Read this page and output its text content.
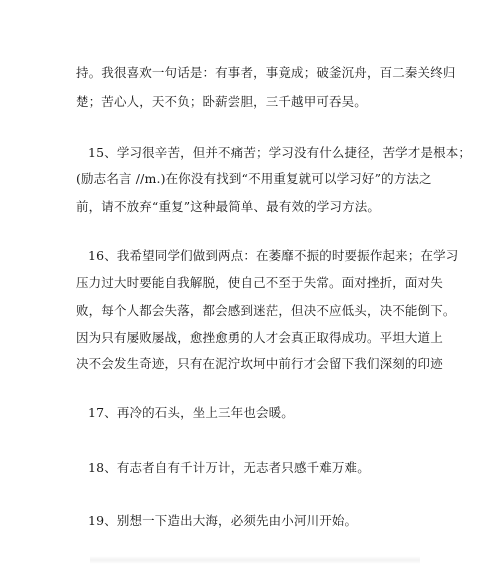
持。我很喜欢一句话是：有事者，事竟成；破釜沉舟，百二秦关终归
楚；苦心人，天不负；卧薪尝胆，三千越甲可吞吴。
15、学习很辛苦，但并不痛苦；学习没有什么捷径，苦学才是根本；
(励志名言 //m.)在你没有找到“不用重复就可以学习好”的方法之
前，请不放弃“重复”这种最简单、最有效的学习方法。
16、我希望同学们做到两点：在萎靡不振的时要振作起来；在学习
压力过大时要能自我解脱，使自己不至于失常。面对挫折，面对失
败，每个人都会失落，都会感到迷茫，但决不应低头，决不能倒下。
因为只有屡败屡战，愈挫愈勇的人才会真正取得成功。平坦大道上
决不会发生奇迹，只有在泥泞坎坷中前行才会留下我们深刻的印迹
17、再冷的石头，坐上三年也会暖。
18、有志者自有千计万计，无志者只感千难万难。
19、别想一下造出大海，必须先由小河川开始。
